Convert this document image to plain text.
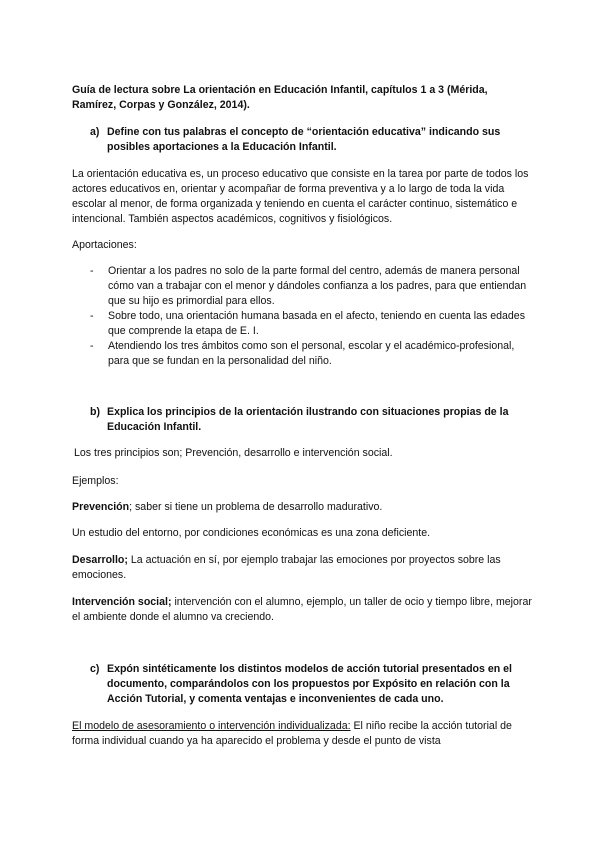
Guía de lectura sobre La orientación en Educación Infantil, capítulos 1 a 3 (Mérida, Ramírez, Corpas y González, 2014).

a) Define con tus palabras el concepto de “orientación educativa” indicando sus posibles aportaciones a la Educación Infantil.

La orientación educativa es, un proceso educativo que consiste en la tarea por parte de todos los actores educativos en, orientar y acompañar de forma preventiva y a lo largo de toda la vida escolar al menor, de forma organizada y teniendo en cuenta el carácter continuo, sistemático e intencional. También aspectos académicos, cognitivos y fisiológicos.

Aportaciones:

- Orientar a los padres no solo de la parte formal del centro, además de manera personal cómo van a trabajar con el menor y dándoles confianza a los padres, para que entiendan que su hijo es primordial para ellos.
- Sobre todo, una orientación humana basada en el afecto, teniendo en cuenta las edades que comprende la etapa de E. I.
- Atendiendo los tres ámbitos como son el personal, escolar y el académico-profesional, para que se fundan en la personalidad del niño.
b) Explica los principios de la orientación ilustrando con situaciones propias de la Educación Infantil.

Los tres principios son; Prevención, desarrollo e intervención social.

Ejemplos:

Prevención; saber si tiene un problema de desarrollo madurativo.

Un estudio del entorno, por condiciones económicas es una zona deficiente.

Desarrollo; La actuación en sí, por ejemplo trabajar las emociones por proyectos sobre las emociones.

Intervención social; intervención con el alumno, ejemplo, un taller de ocio y tiempo libre, mejorar el ambiente donde el alumno va creciendo.

c) Expón sintéticamente los distintos modelos de acción tutorial presentados en el documento, comparándolos con los propuestos por Expósito en relación con la Acción Tutorial, y comenta ventajas e inconvenientes de cada uno.

El modelo de asesoramiento o intervención individualizada: El niño recibe la acción tutorial de forma individual cuando ya ha aparecido el problema y desde el punto de vista
